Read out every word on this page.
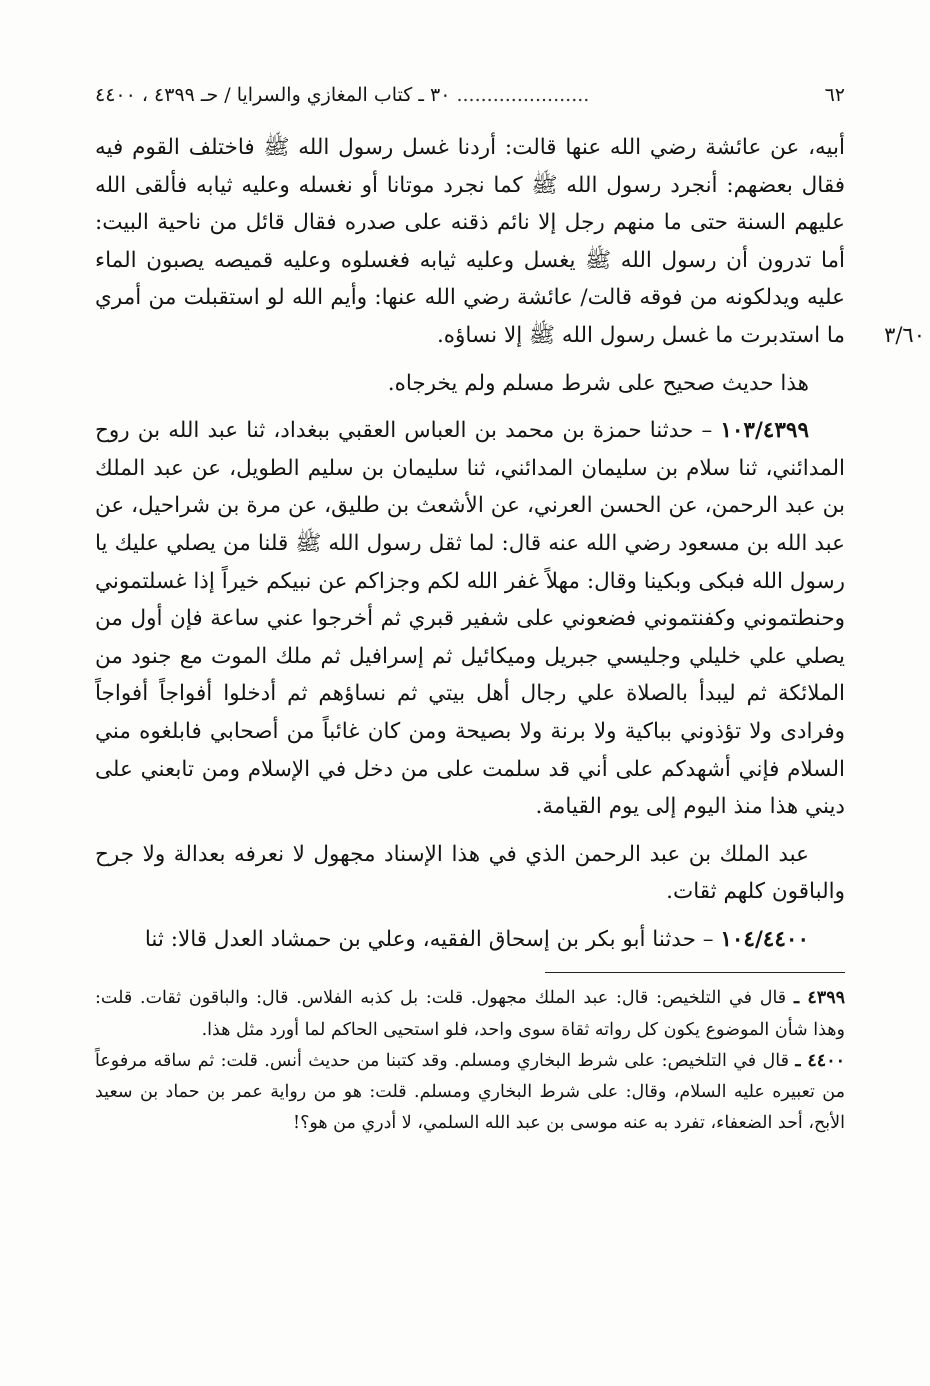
٦٢
...................... ٣٠ ـ كتاب المغازي والسرايا / حـ ٤٣٩٩ ، ٤٤٠٠

أبيه، عن عائشة رضي الله عنها قالت: أردنا غسل رسول الله ﷺ فاختلف القوم فيه فقال بعضهم: أنجرد رسول الله ﷺ كما نجرد موتانا أو نغسله وعليه ثيابه فألقى الله عليهم السنة حتى ما منهم رجل إلا نائم ذقنه على صدره فقال قائل من ناحية البيت: أما تدرون أن رسول الله ﷺ يغسل وعليه ثيابه فغسلوه وعليه قميصه يصبون الماء عليه ويدلكونه من فوقه قالت/ عائشة رضي الله عنها: وأيم الله لو استقبلت من أمري ما استدبرت ما غسل رسول الله ﷺ إلا نساؤه. ٣/٦٠

هذا حديث صحيح على شرط مسلم ولم يخرجاه.

١٠٣/٤٣٩٩ – حدثنا حمزة بن محمد بن العباس العقبي ببغداد، ثنا عبد الله بن روح المدائني، ثنا سلام بن سليمان المدائني، ثنا سليمان بن سليم الطويل، عن عبد الملك بن عبد الرحمن، عن الحسن العرني، عن الأشعث بن طليق، عن مرة بن شراحيل، عن عبد الله بن مسعود رضي الله عنه قال: لما ثقل رسول الله ﷺ قلنا من يصلي عليك يا رسول الله فبكى وبكينا وقال: مهلاً غفر الله لكم وجزاكم عن نبيكم خيراً إذا غسلتموني وحنطتموني وكفنتموني فضعوني على شفير قبري ثم أخرجوا عني ساعة فإن أول من يصلي علي خليلي وجليسي جبريل وميكائيل ثم إسرافيل ثم ملك الموت مع جنود من الملائكة ثم ليبدأ بالصلاة علي رجال أهل بيتي ثم نساؤهم ثم أدخلوا أفواجاً أفواجاً وفرادى ولا تؤذوني بباكية ولا برنة ولا بصيحة ومن كان غائباً من أصحابي فابلغوه مني السلام فإني أشهدكم على أني قد سلمت على من دخل في الإسلام ومن تابعني على ديني هذا منذ اليوم إلى يوم القيامة.

عبد الملك بن عبد الرحمن الذي في هذا الإسناد مجهول لا نعرفه بعدالة ولا جرح والباقون كلهم ثقات.

١٠٤/٤٤٠٠ – حدثنا أبو بكر بن إسحاق الفقيه، وعلي بن حمشاد العدل قالا: ثنا

٤٣٩٩ ـ قال في التلخيص: قال: عبد الملك مجهول. قلت: بل كذبه الفلاس. قال: والباقون ثقات. قلت: وهذا شأن الموضوع يكون كل رواته ثقاة سوى واحد، فلو استحيى الحاكم لما أورد مثل هذا.

٤٤٠٠ ـ قال في التلخيص: على شرط البخاري ومسلم. وقد كتبنا من حديث أنس. قلت: ثم ساقه مرفوعاً من تعبيره عليه السلام، وقال: على شرط البخاري ومسلم. قلت: هو من رواية عمر بن حماد بن سعيد الأبح، أحد الضعفاء، تفرد به عنه موسى بن عبد الله السلمي، لا أدري من هو؟!
